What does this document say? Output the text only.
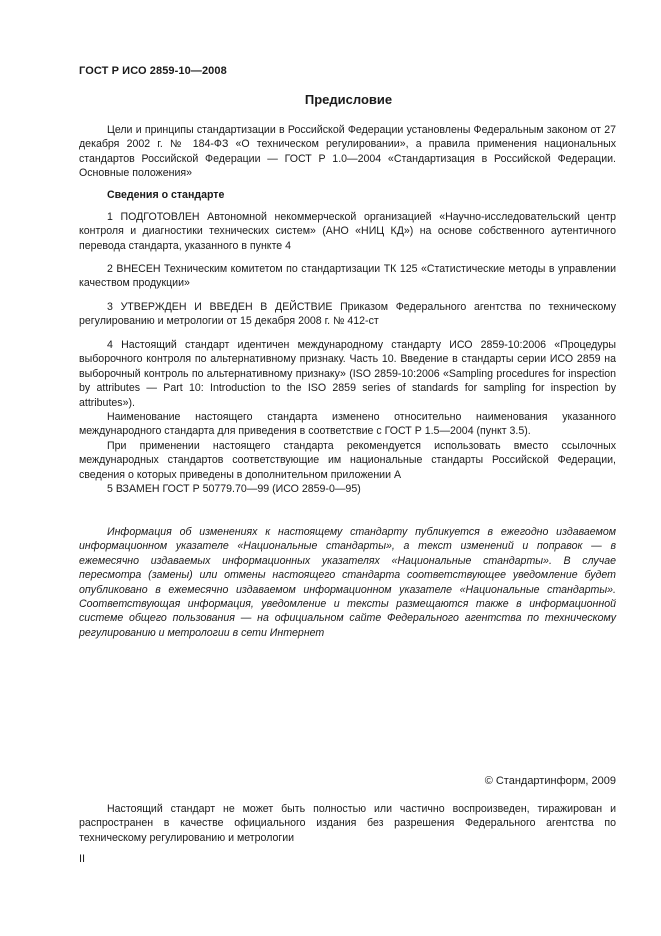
ГОСТ Р ИСО 2859-10—2008
Предисловие

Цели и принципы стандартизации в Российской Федерации установлены Федеральным законом от 27 декабря 2002 г. № 184-ФЗ «О техническом регулировании», а правила применения национальных стандартов Российской Федерации — ГОСТ Р 1.0—2004 «Стандартизация в Российской Федерации. Основные положения»

Сведения о стандарте

1 ПОДГОТОВЛЕН Автономной некоммерческой организацией «Научно-исследовательский центр контроля и диагностики технических систем» (АНО «НИЦ КД») на основе собственного аутентичного перевода стандарта, указанного в пункте 4

2 ВНЕСЕН Техническим комитетом по стандартизации ТК 125 «Статистические методы в управлении качеством продукции»

3 УТВЕРЖДЕН И ВВЕДЕН В ДЕЙСТВИЕ Приказом Федерального агентства по техническому регулированию и метрологии от 15 декабря 2008 г. № 412-ст

4 Настоящий стандарт идентичен международному стандарту ИСО 2859-10:2006 «Процедуры выборочного контроля по альтернативному признаку. Часть 10. Введение в стандарты серии ИСО 2859 на выборочный контроль по альтернативному признаку» (ISO 2859-10:2006 «Sampling procedures for inspection by attributes — Part 10: Introduction to the ISO 2859 series of standards for sampling for inspection by attributes»).

Наименование настоящего стандарта изменено относительно наименования указанного международного стандарта для приведения в соответствие с ГОСТ Р 1.5—2004 (пункт 3.5).

При применении настоящего стандарта рекомендуется использовать вместо ссылочных международных стандартов соответствующие им национальные стандарты Российской Федерации, сведения о которых приведены в дополнительном приложении А

5 ВЗАМЕН ГОСТ Р 50779.70—99 (ИСО 2859-0—95)

Информация об изменениях к настоящему стандарту публикуется в ежегодно издаваемом информационном указателе «Национальные стандарты», а текст изменений и поправок — в ежемесячно издаваемых информационных указателях «Национальные стандарты». В случае пересмотра (замены) или отмены настоящего стандарта соответствующее уведомление будет опубликовано в ежемесячно издаваемом информационном указателе «Национальные стандарты». Соответствующая информация, уведомление и тексты размещаются также в информационной системе общего пользования — на официальном сайте Федерального агентства по техническому регулированию и метрологии в сети Интернет

© Стандартинформ, 2009

Настоящий стандарт не может быть полностью или частично воспроизведен, тиражирован и распространен в качестве официального издания без разрешения Федерального агентства по техническому регулированию и метрологии

II
